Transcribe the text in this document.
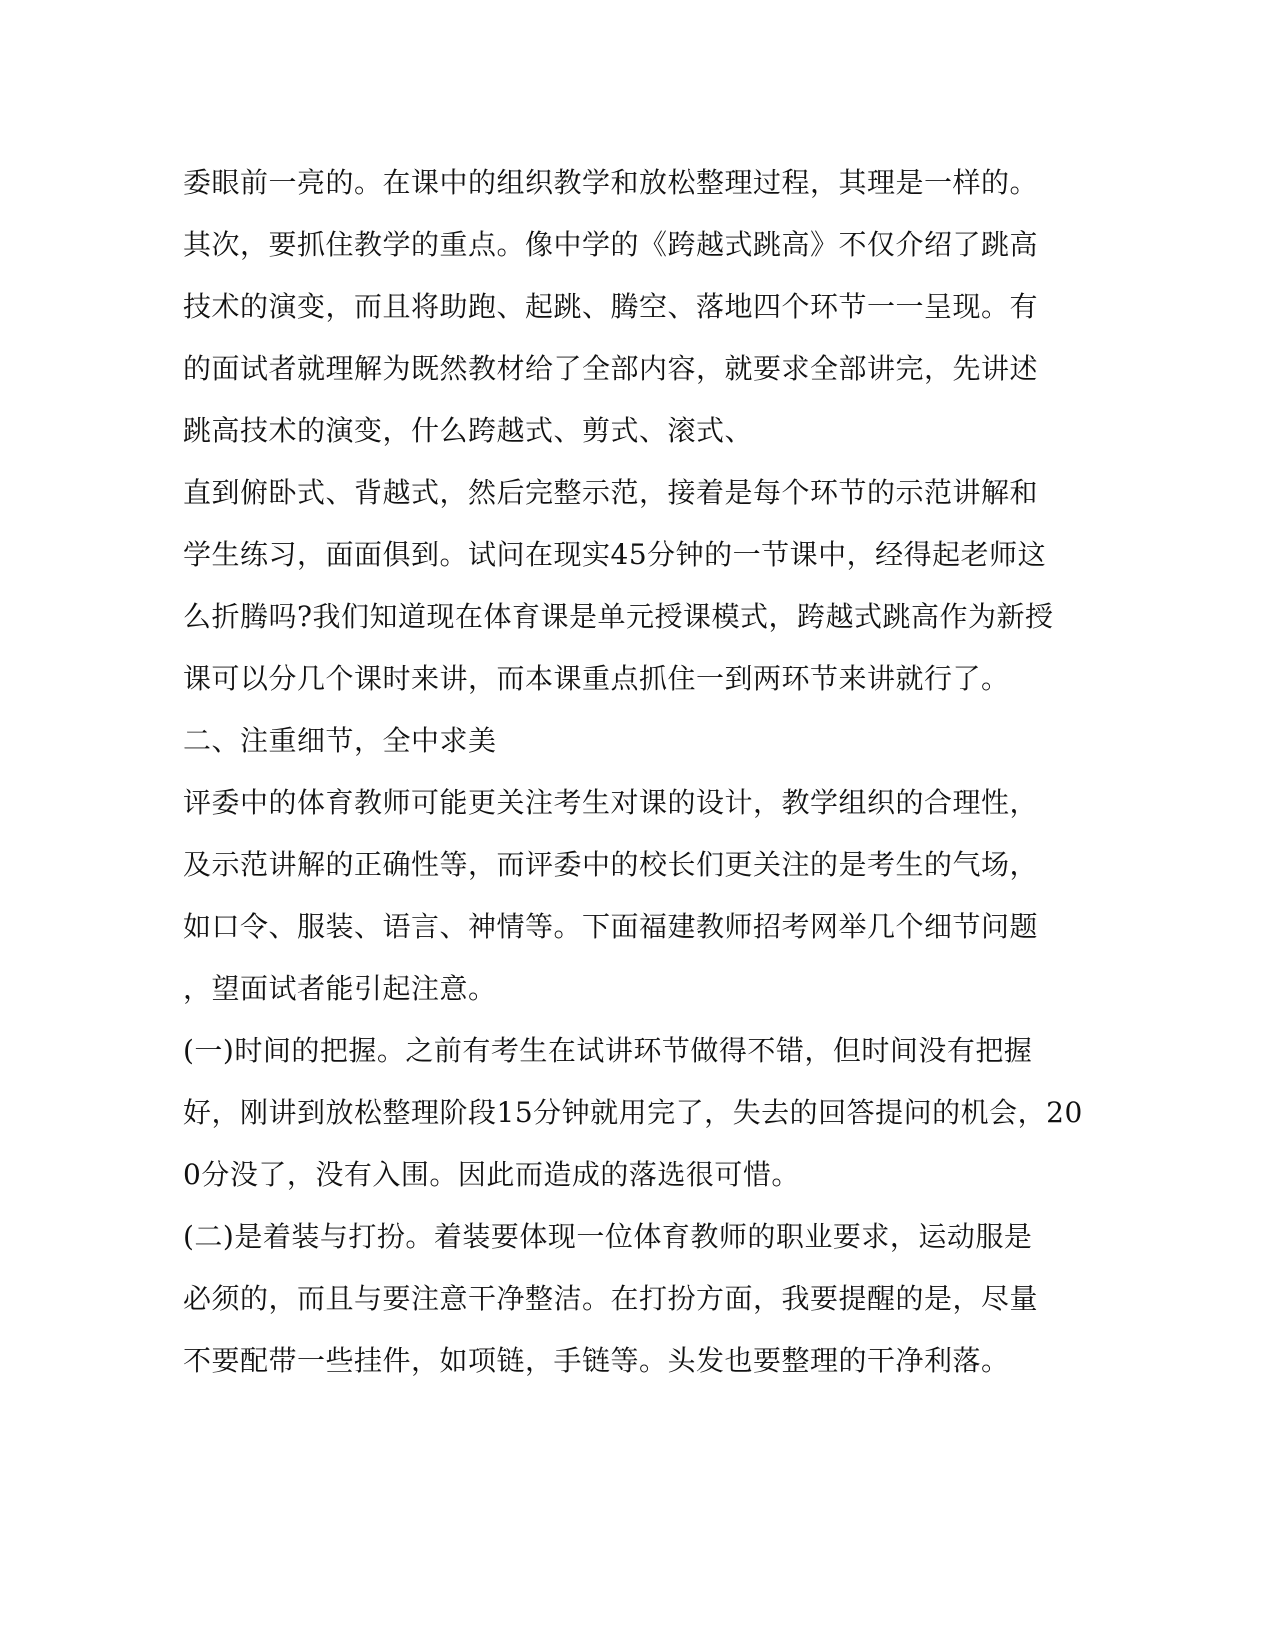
委眼前一亮的。在课中的组织教学和放松整理过程，其理是一样的。
其次，要抓住教学的重点。像中学的《跨越式跳高》不仅介绍了跳高
技术的演变，而且将助跑、起跳、腾空、落地四个环节一一呈现。有
的面试者就理解为既然教材给了全部内容，就要求全部讲完，先讲述
跳高技术的演变，什么跨越式、剪式、滚式、
直到俯卧式、背越式，然后完整示范，接着是每个环节的示范讲解和
学生练习，面面俱到。试问在现实45分钟的一节课中，经得起老师这
么折腾吗?我们知道现在体育课是单元授课模式，跨越式跳高作为新授
课可以分几个课时来讲，而本课重点抓住一到两环节来讲就行了。
二、注重细节，全中求美
评委中的体育教师可能更关注考生对课的设计，教学组织的合理性，
及示范讲解的正确性等，而评委中的校长们更关注的是考生的气场，
如口令、服装、语言、神情等。下面福建教师招考网举几个细节问题
，望面试者能引起注意。
(一)时间的把握。之前有考生在试讲环节做得不错，但时间没有把握
好，刚讲到放松整理阶段15分钟就用完了，失去的回答提问的机会，20
0分没了，没有入围。因此而造成的落选很可惜。
(二)是着装与打扮。着装要体现一位体育教师的职业要求，运动服是
必须的，而且与要注意干净整洁。在打扮方面，我要提醒的是，尽量
不要配带一些挂件，如项链，手链等。头发也要整理的干净利落。
